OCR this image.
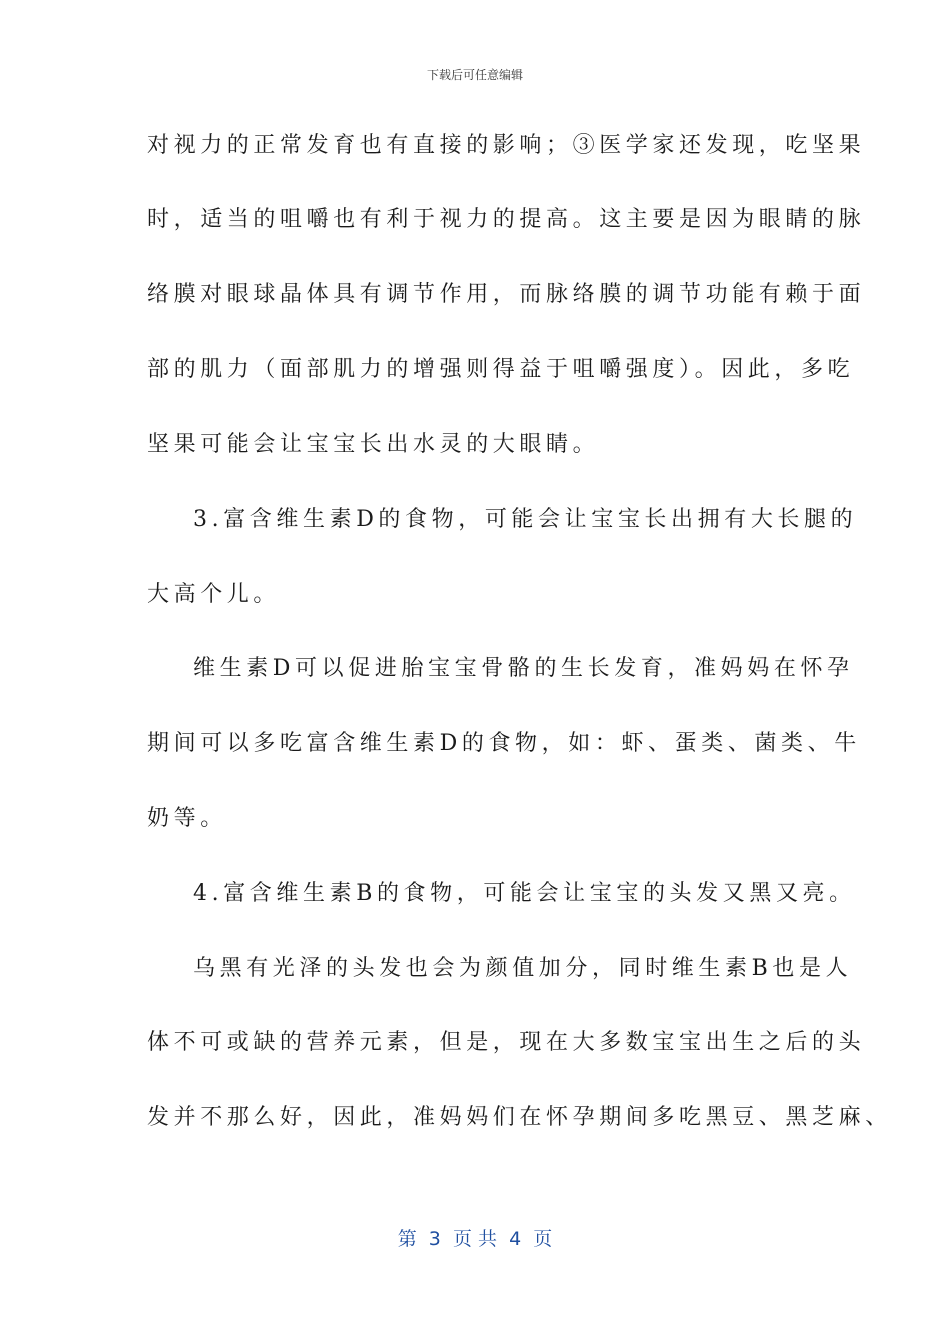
下载后可任意编辑
对视力的正常发育也有直接的影响；③医学家还发现，吃坚果
时，适当的咀嚼也有利于视力的提高。这主要是因为眼睛的脉
络膜对眼球晶体具有调节作用，而脉络膜的调节功能有赖于面
部的肌力（面部肌力的增强则得益于咀嚼强度）。因此，多吃
坚果可能会让宝宝长出水灵的大眼睛。
3.富含维生素D的食物，可能会让宝宝长出拥有大长腿的
大高个儿。
维生素D可以促进胎宝宝骨骼的生长发育，准妈妈在怀孕
期间可以多吃富含维生素D的食物，如：虾、蛋类、菌类、牛
奶等。
4.富含维生素B的食物，可能会让宝宝的头发又黑又亮。
乌黑有光泽的头发也会为颜值加分，同时维生素B也是人
体不可或缺的营养元素，但是，现在大多数宝宝出生之后的头
发并不那么好，因此，准妈妈们在怀孕期间多吃黑豆、黑芝麻、
第  3  页 共  4  页
